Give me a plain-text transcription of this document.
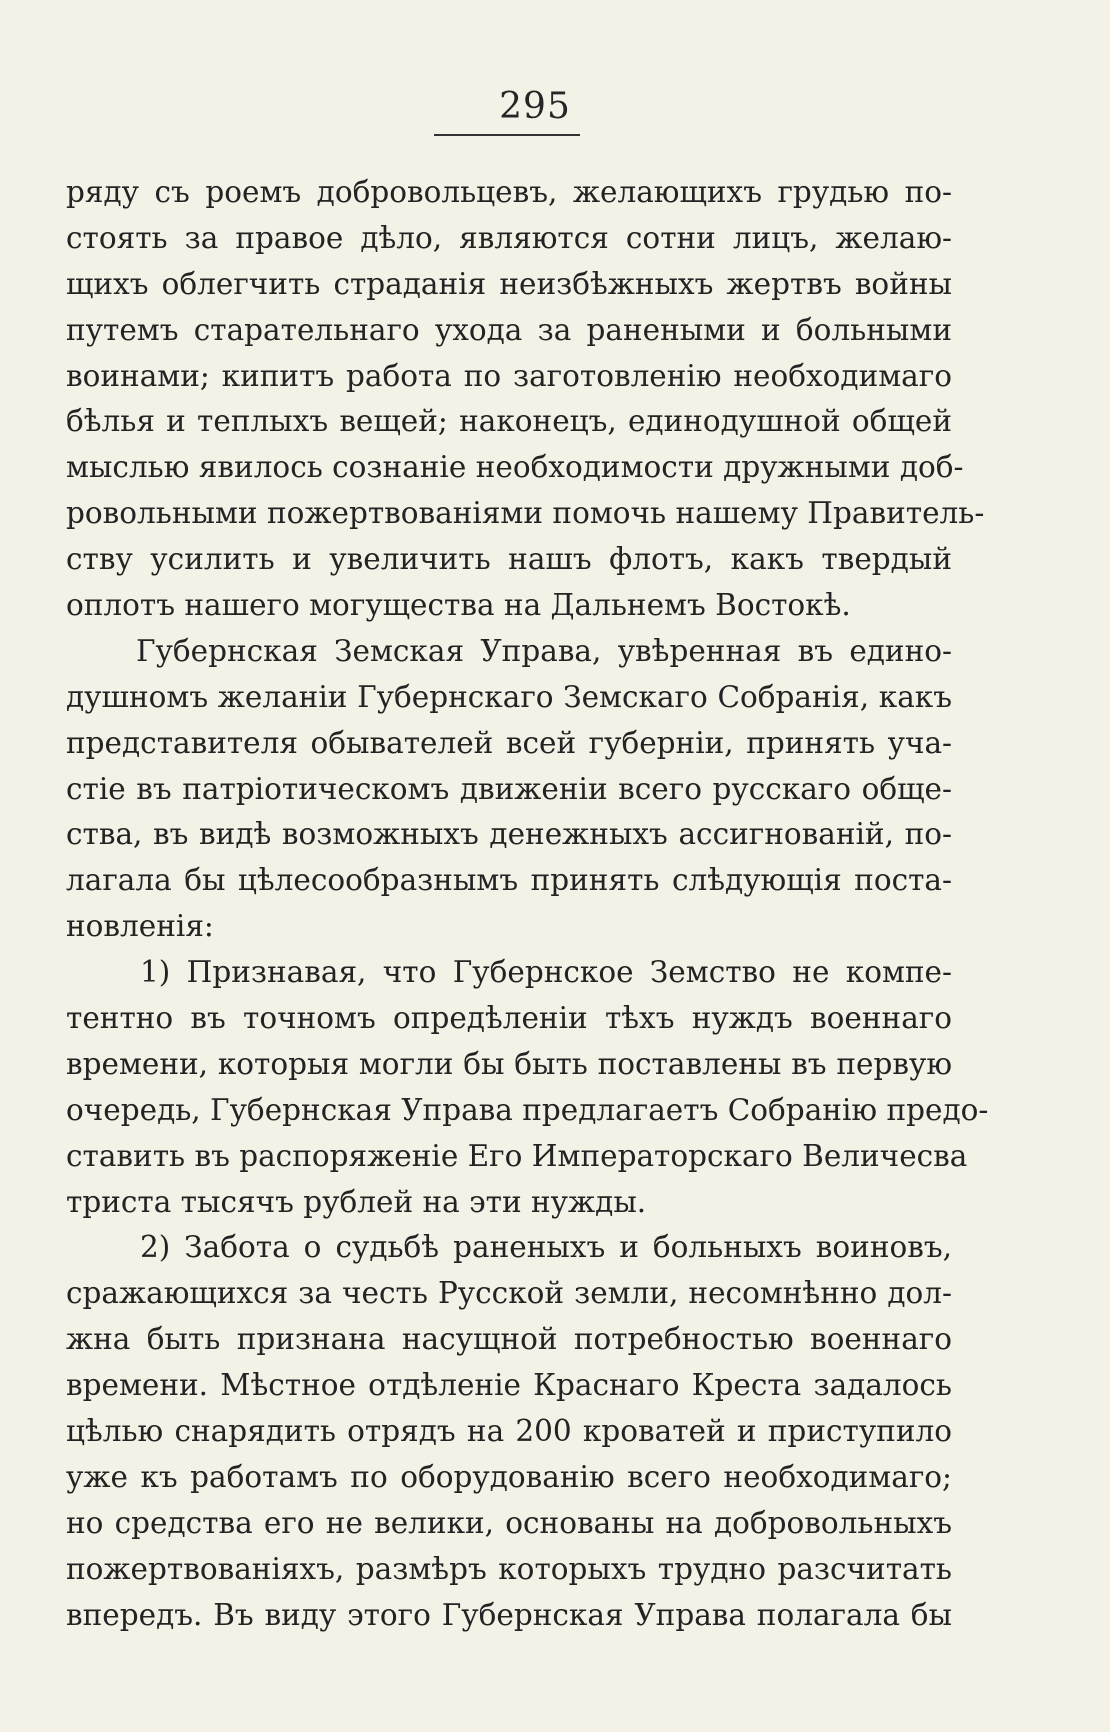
295
ряду съ роемъ добровольцевъ, желающихъ грудью по-
стоять за правое дѣло, являются сотни лицъ, желаю-
щихъ облегчить страданія неизбѣжныхъ жертвъ войны
путемъ старательнаго ухода за ранеными и больными
воинами; кипитъ работа по заготовленію необходимаго
бѣлья и теплыхъ вещей; наконецъ, единодушной общей
мыслью явилось сознаніе необходимости дружными доб-
ровольными пожертвованіями помочь нашему Правитель-
ству усилить и увеличить нашъ флотъ, какъ твердый
оплотъ нашего могущества на Дальнемъ Востокѣ.
Губернская Земская Управа, увѣренная въ едино-
душномъ желаніи Губернскаго Земскаго Собранія, какъ
представителя обывателей всей губерніи, принять уча-
стіе въ патріотическомъ движеніи всего русскаго обще-
ства, въ видѣ возможныхъ денежныхъ ассигнованій, по-
лагала бы цѣлесообразнымъ принять слѣдующія поста-
новленія:
1) Признавая, что Губернское Земство не компе-
тентно въ точномъ опредѣленіи тѣхъ нуждъ военнаго
времени, которыя могли бы быть поставлены въ первую
очередь, Губернская Управа предлагаетъ Собранію предо-
ставить въ распоряженіе Его Императорскаго Величесва
триста тысячъ рублей на эти нужды.
2) Забота о судьбѣ раненыхъ и больныхъ воиновъ,
сражающихся за честь Русской земли, несомнѣнно дол-
жна быть признана насущной потребностью военнаго
времени. Мѣстное отдѣленіе Краснаго Креста задалось
цѣлью снарядить отрядъ на 200 кроватей и приступило
уже къ работамъ по оборудованію всего необходимаго;
но средства его не велики, основаны на добровольныхъ
пожертвованіяхъ, размѣръ которыхъ трудно разсчитать
впередъ. Въ виду этого Губернская Управа полагала бы
